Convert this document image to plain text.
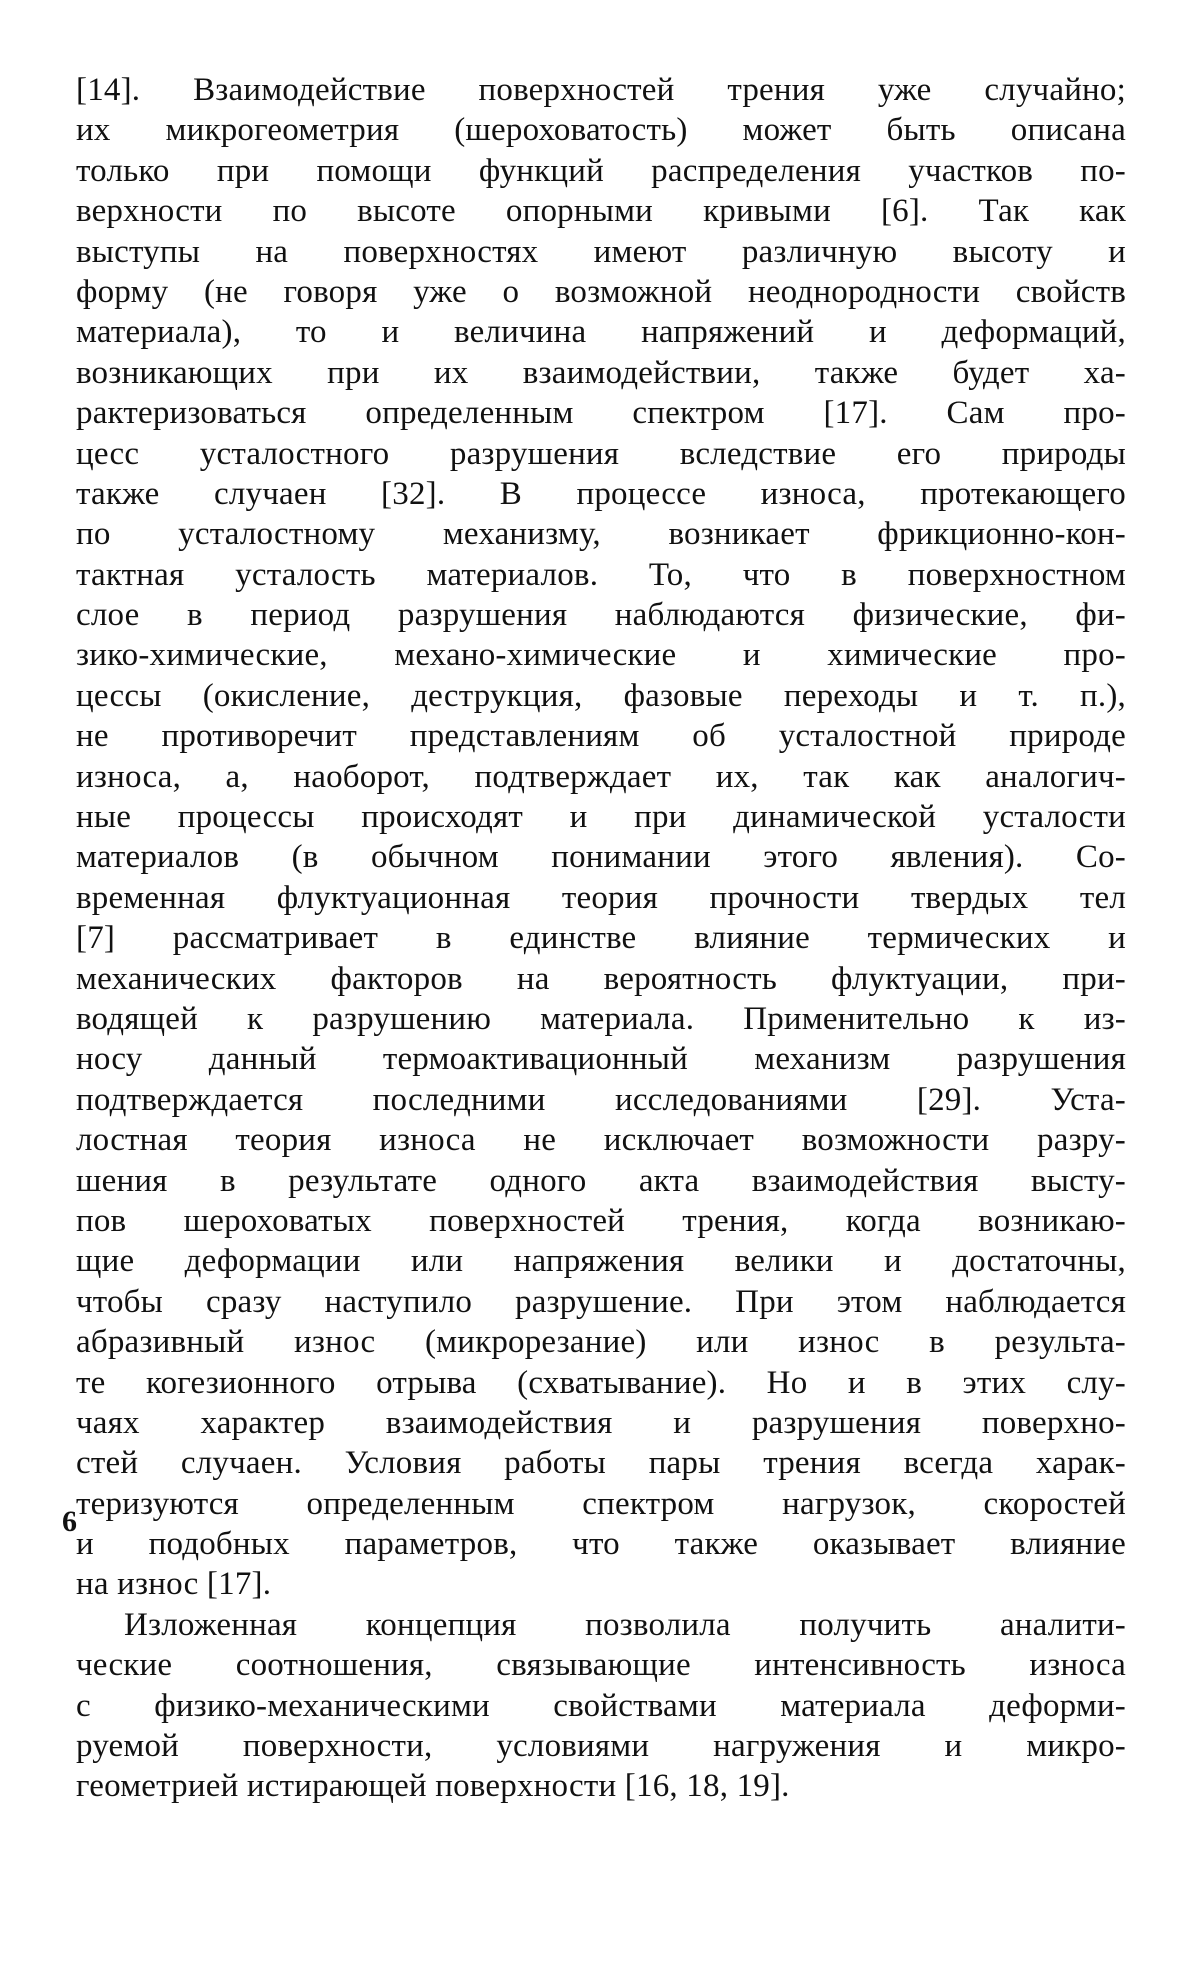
[14]. Взаимодействие поверхностей трения уже случайно;
их микрогеометрия (шероховатость) может быть описана
только при помощи функций распределения участков по-
верхности по высоте опорными кривыми [6]. Так как
выступы на поверхностях имеют различную высоту и
форму (не говоря уже о возможной неоднородности свойств
материала), то и величина напряжений и деформаций,
возникающих при их взаимодействии, также будет ха-
рактеризоваться определенным спектром [17]. Сам про-
цесс усталостного разрушения вследствие его природы
также случаен [32]. В процессе износа, протекающего
по усталостному механизму, возникает фрикционно-кон-
тактная усталость материалов. То, что в поверхностном
слое в период разрушения наблюдаются физические, фи-
зико-химические, механо-химические и химические про-
цессы (окисление, деструкция, фазовые переходы и т. п.),
не противоречит представлениям об усталостной природе
износа, а, наоборот, подтверждает их, так как аналогич-
ные процессы происходят и при динамической усталости
материалов (в обычном понимании этого явления). Со-
временная флуктуационная теория прочности твердых тел
[7] рассматривает в единстве влияние термических и
механических факторов на вероятность флуктуации, при-
водящей к разрушению материала. Применительно к из-
носу данный термоактивационный механизм разрушения
подтверждается последними исследованиями [29]. Уста-
лостная теория износа не исключает возможности разру-
шения в результате одного акта взаимодействия высту-
пов шероховатых поверхностей трения, когда возникаю-
щие деформации или напряжения велики и достаточны,
чтобы сразу наступило разрушение. При этом наблюдается
абразивный износ (микрорезание) или износ в результа-
те когезионного отрыва (схватывание). Но и в этих слу-
чаях характер взаимодействия и разрушения поверхно-
стей случаен. Условия работы пары трения всегда харак-
теризуются определенным спектром нагрузок, скоростей
и подобных параметров, что также оказывает влияние
на износ [17].
Изложенная концепция позволила получить аналити-
ческие соотношения, связывающие интенсивность износа
с физико-механическими свойствами материала деформи-
руемой поверхности, условиями нагружения и микро-
геометрией истирающей поверхности [16, 18, 19].
6
